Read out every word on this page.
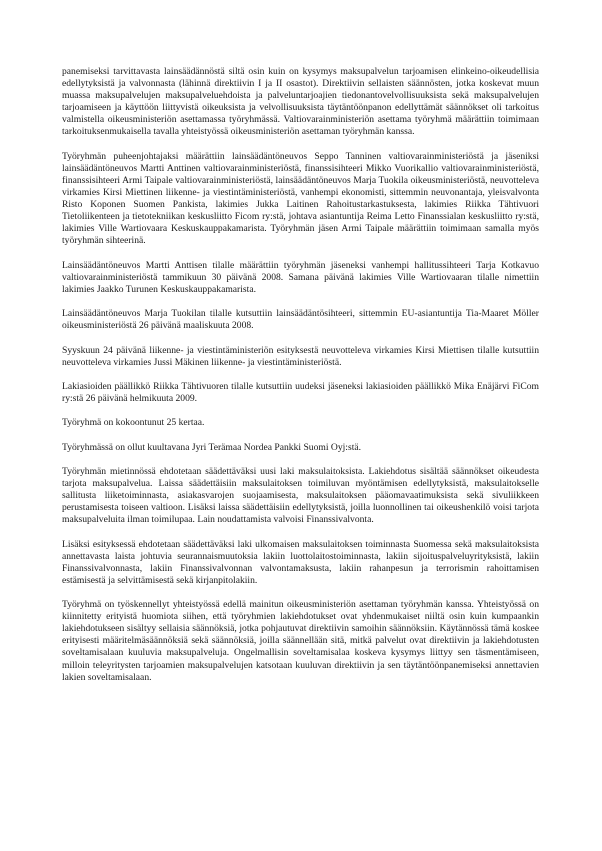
panemiseksi tarvittavasta lainsäädännöstä siltä osin kuin on kysymys maksupalvelun tarjoamisen elinkeino-oikeudellisia edellytyksistä ja valvonnasta (lähinnä direktiivin I ja II osastot). Direktiivin sellaisten säännösten, jotka koskevat muun muassa maksupalvelujen maksupalveluehdoista ja palveluntarjoajien tiedonantovelvollisuuksista sekä maksupalvelujen tarjoamiseen ja käyttöön liittyvistä oikeuksista ja velvollisuuksista täytäntöönpanon edellyttämät säännökset oli tarkoitus valmistella oikeusministeriön asettamassa työryhmässä. Valtiovarainministeriön asettama työryhmä määrättiin toimimaan tarkoituksenmukaisella tavalla yhteistyössä oikeusministeriön asettaman työryhmän kanssa.

Työryhmän puheenjohtajaksi määrättiin lainsäädäntöneuvos Seppo Tanninen valtiovarainministeriöstä ja jäseniksi lainsäädäntöneuvos Martti Anttinen valtiovarainministeriöstä, finanssisihteeri Mikko Vuorikallio valtiovarainministeriöstä, finanssisihteeri Armi Taipale valtiovarainministeriöstä, lainsäädäntöneuvos Marja Tuokila oikeusministeriöstä, neuvotteleva virkamies Kirsi Miettinen liikenne- ja viestintäministeriöstä, vanhempi ekonomisti, sittemmin neuvonantaja, yleisvalvonta Risto Koponen Suomen Pankista, lakimies Jukka Laitinen Rahoitustarkastuksesta, lakimies Riikka Tähtivuori Tietoliikenteen ja tietotekniikan keskusliitto Ficom ry:stä, johtava asiantuntija Reima Letto Finanssialan keskusliitto ry:stä, lakimies Ville Wartiovaara Keskuskauppakamarista. Työryhmän jäsen Armi Taipale määrättiin toimimaan samalla myös työryhmän sihteerinä.

Lainsäädäntöneuvos Martti Anttisen tilalle määrättiin työryhmän jäseneksi vanhempi hallitussihteeri Tarja Kotkavuo valtiovarainministeriöstä tammikuun 30 päivänä 2008. Samana päivänä lakimies Ville Wartiovaaran tilalle nimettiin lakimies Jaakko Turunen Keskuskauppakamarista.

Lainsäädäntöneuvos Marja Tuokilan tilalle kutsuttiin lainsäädäntösihteeri, sittemmin EU-asiantuntija Tia-Maaret Möller oikeusministeriöstä 26 päivänä maaliskuuta 2008.

Syyskuun 24 päivänä liikenne- ja viestintäministeriön esityksestä neuvotteleva virkamies Kirsi Miettisen tilalle kutsuttiin neuvotteleva virkamies Jussi Mäkinen liikenne- ja viestintäministeriöstä.

Lakiasioiden päällikkö Riikka Tähtivuoren tilalle kutsuttiin uudeksi jäseneksi lakiasioiden päällikkö Mika Enäjärvi FiCom ry:stä 26 päivänä helmikuuta 2009.

Työryhmä on kokoontunut 25 kertaa.

Työryhmässä on ollut kuultavana Jyri Terämaa Nordea Pankki Suomi Oyj:stä.

Työryhmän mietinnössä ehdotetaan säädettäväksi uusi laki maksulaitoksista. Lakiehdotus sisältää säännökset oikeudesta tarjota maksupalvelua. Laissa säädettäisiin maksulaitoksen toimiluvan myöntämisen edellytyksistä, maksulaitokselle sallitusta liiketoiminnasta, asiakasvarojen suojaamisesta, maksulaitoksen pääomavaatimuksista sekä sivuliikkeen perustamisesta toiseen valtioon. Lisäksi laissa säädettäisiin edellytyksistä, joilla luonnollinen tai oikeushenkilö voisi tarjota maksupalveluita ilman toimilupaa. Lain noudattamista valvoisi Finanssivalvonta.

Lisäksi esityksessä ehdotetaan säädettäväksi laki ulkomaisen maksulaitoksen toiminnasta Suomessa sekä maksulaitoksista annettavasta laista johtuvia seurannaismuutoksia lakiin luottolaitostoiminnasta, lakiin sijoituspalveluyrityksistä, lakiin Finanssivalvonnasta, lakiin Finanssivalvonnan valvontamaksusta, lakiin rahanpesun ja terrorismin rahoittamisen estämisestä ja selvittämisestä sekä kirjanpitolakiin.

Työryhmä on työskennellyt yhteistyössä edellä mainitun oikeusministeriön asettaman työryhmän kanssa. Yhteistyössä on kiinnitetty erityistä huomiota siihen, että työryhmien lakiehdotukset ovat yhdenmukaiset niiltä osin kuin kumpaankin lakiehdotukseen sisältyy sellaisia säännöksiä, jotka pohjautuvat direktiivin samoihin säännöksiin. Käytännössä tämä koskee erityisesti määritelmäsäännöksiä sekä säännöksiä, joilla säännellään sitä, mitkä palvelut ovat direktiivin ja lakiehdotusten soveltamisalaan kuuluvia maksupalveluja. Ongelmallisin soveltamisalaa koskeva kysymys liittyy sen täsmentämiseen, milloin teleyritysten tarjoamien maksupalvelujen katsotaan kuuluvan direktiivin ja sen täytäntöönpanemiseksi annettavien lakien soveltamisalaan.
